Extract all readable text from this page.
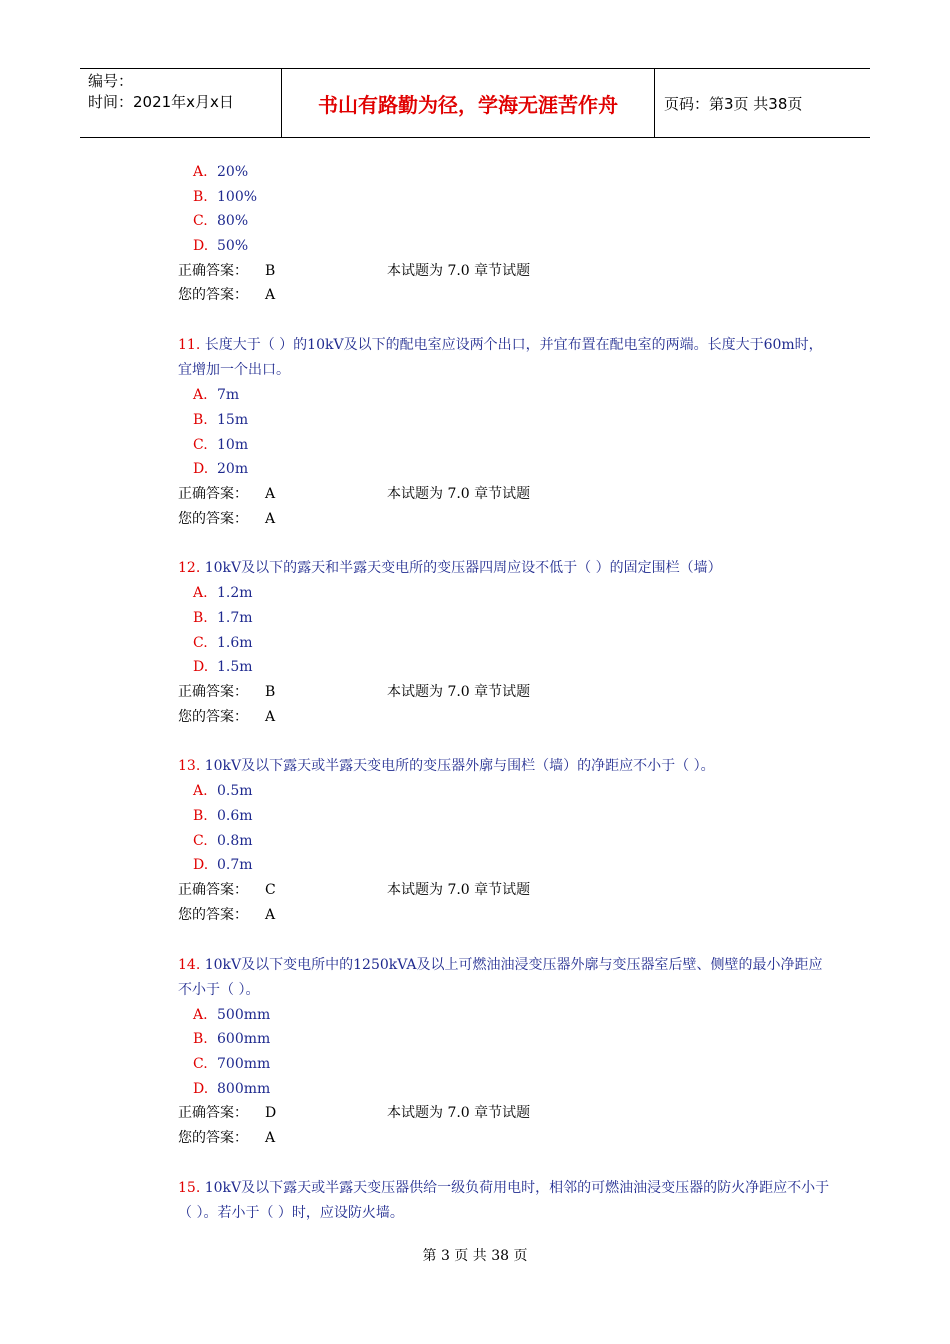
编号：
时间：2021年x月x日	书山有路勤为径，学海无涯苦作舟	页码：第3页 共38页
A. 20%
B. 100%
C. 80%
D. 50%
正确答案： B	本试题为 7.0 章节试题
您的答案： A
11. 长度大于（ ）的10kV及以下的配电室应设两个出口，并宜布置在配电室的两端。长度大于60m时，宜增加一个出口。
A. 7m
B. 15m
C. 10m
D. 20m
正确答案： A	本试题为 7.0 章节试题
您的答案： A
12. 10kV及以下的露天和半露天变电所的变压器四周应设不低于（ ）的固定围栏（墙）
A. 1.2m
B. 1.7m
C. 1.6m
D. 1.5m
正确答案： B	本试题为 7.0 章节试题
您的答案： A
13. 10kV及以下露天或半露天变电所的变压器外廓与围栏（墙）的净距应不小于（ ）。
A. 0.5m
B. 0.6m
C. 0.8m
D. 0.7m
正确答案： C	本试题为 7.0 章节试题
您的答案： A
14. 10kV及以下变电所中的1250kVA及以上可燃油油浸变压器外廓与变压器室后壁、侧壁的最小净距应不小于（ ）。
A. 500mm
B. 600mm
C. 700mm
D. 800mm
正确答案： D	本试题为 7.0 章节试题
您的答案： A
15. 10kV及以下露天或半露天变压器供给一级负荷用电时，相邻的可燃油油浸变压器的防火净距应不小于（ ）。若小于（ ）时，应设防火墙。
第 3 页 共 38 页
